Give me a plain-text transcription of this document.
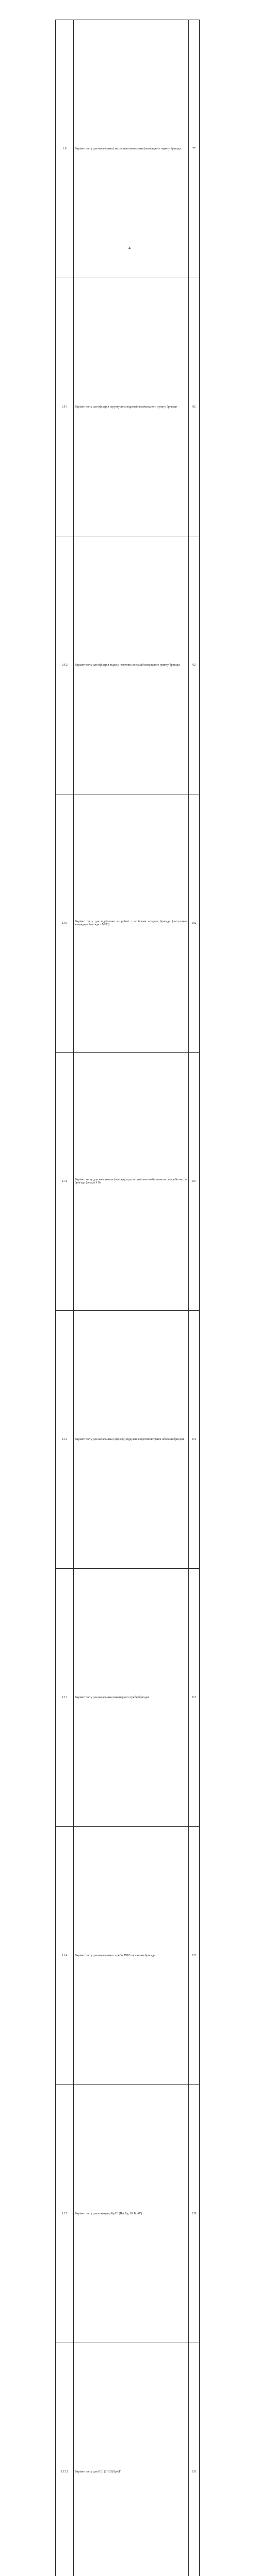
1.9	Варіант тесту для начальника (заступника начальника) командного пункту бригади	77
1.9.1	Варіант тесту для офіцерів структурних підрозділів командного пункту бригади	82
1.9.2	Варіант тесту для офіцерів відділу поточних операцій командного пункту бригади	92
1.10	Варіант тесту для відділення по роботі з особовим складом бригади (заступника командира бригади з МПЗ)	102
1.11	Варіант тесту для начальника (офіцеру) групи цивільного-військового співробітництва бригади (секція S 9)	107
1.12	Варіант тесту для начальника (офіцера) відділення протиповітряної оборони бригади	112
1.13	Варіант тесту для начальника інженерної служби бригади	117
1.14	Варіант тесту для начальника служби РХБЗ зараження бригади	123
1.15	Варіант тесту для командир БрАГ (НА Бр, ЗК БрАГ)	128
1.15.1	Варіант тесту для НШ (ЗНШ) БрАГ	131

4
